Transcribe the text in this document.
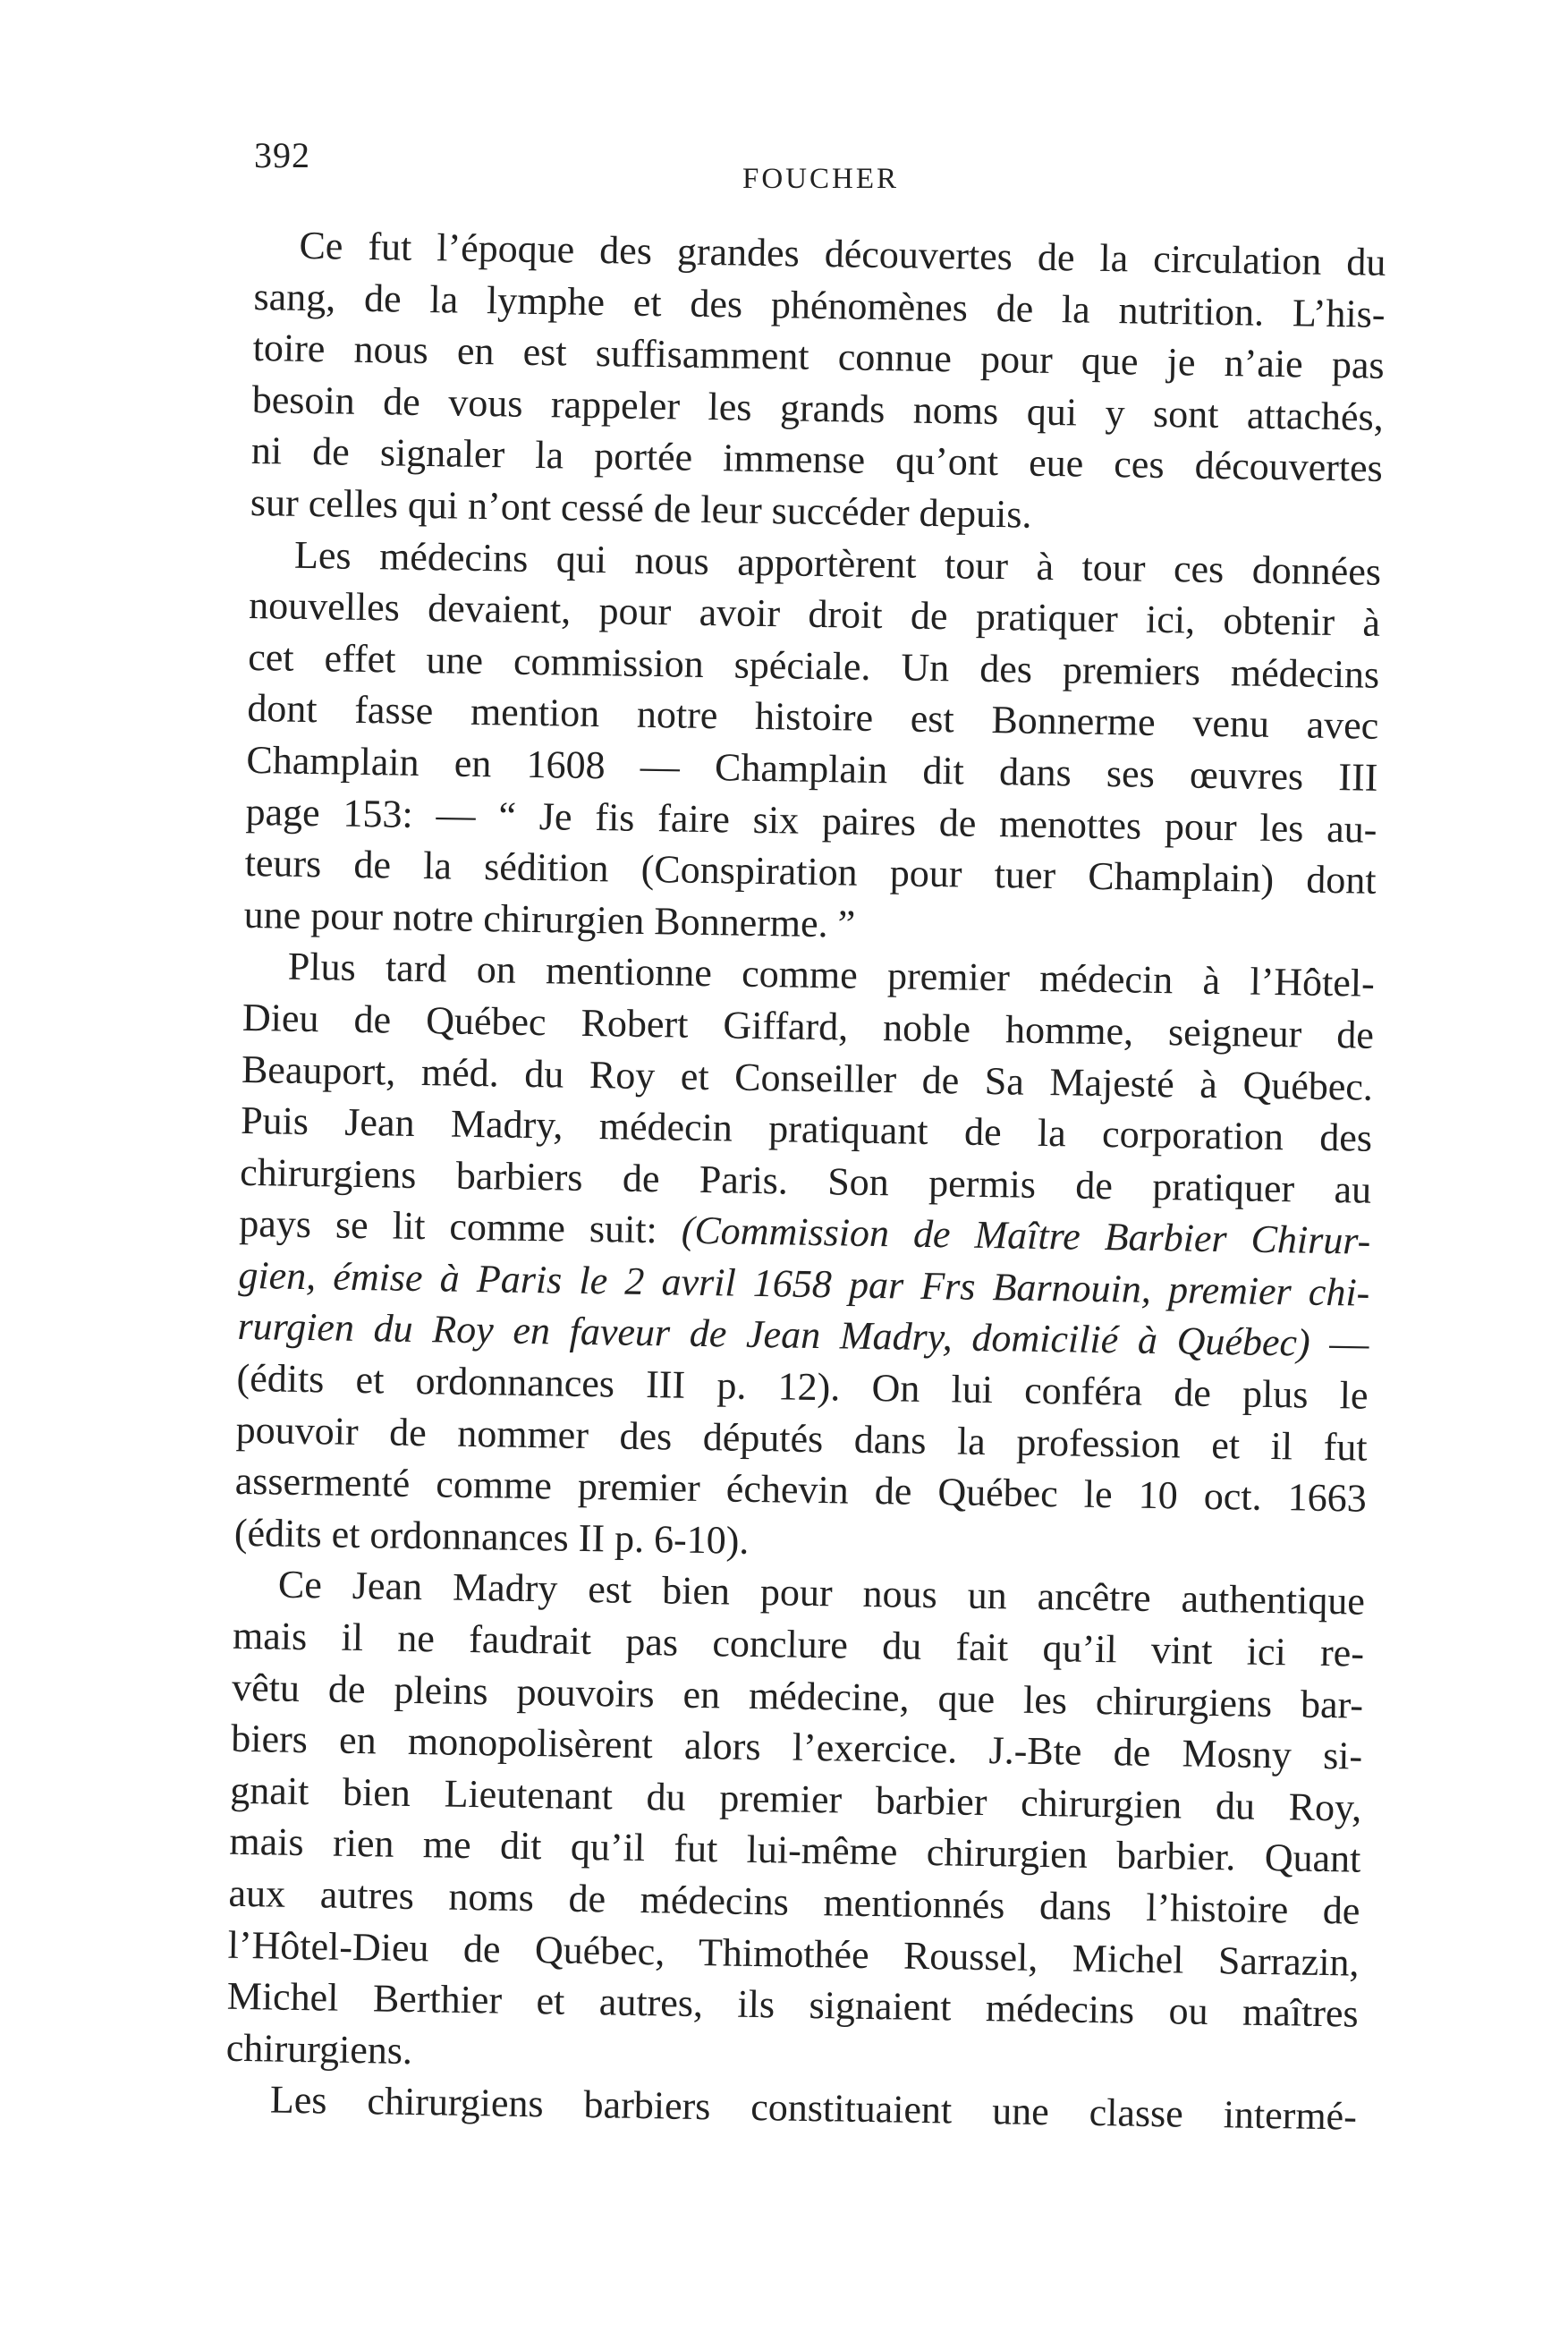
392
FOUCHER
Ce fut l’époque des grandes découvertes de la circulation du
sang, de la lymphe et des phénomènes de la nutrition. L’his-
toire nous en est suffisamment connue pour que je n’aie pas
besoin de vous rappeler les grands noms qui y sont attachés,
ni de signaler la portée immense qu’ont eue ces découvertes
sur celles qui n’ont cessé de leur succéder depuis.
Les médecins qui nous apportèrent tour à tour ces données
nouvelles devaient, pour avoir droit de pratiquer ici, obtenir à
cet effet une commission spéciale. Un des premiers médecins
dont fasse mention notre histoire est Bonnerme venu avec
Champlain en 1608 — Champlain dit dans ses œuvres III
page 153: — “ Je fis faire six paires de menottes pour les au-
teurs de la sédition (Conspiration pour tuer Champlain) dont
une pour notre chirurgien Bonnerme. ”
Plus tard on mentionne comme premier médecin à l’Hôtel-
Dieu de Québec Robert Giffard, noble homme, seigneur de
Beauport, méd. du Roy et Conseiller de Sa Majesté à Québec.
Puis Jean Madry, médecin pratiquant de la corporation des
chirurgiens barbiers de Paris. Son permis de pratiquer au
pays se lit comme suit: (Commission de Maître Barbier Chirur-
gien, émise à Paris le 2 avril 1658 par Frs Barnouin, premier chi-
rurgien du Roy en faveur de Jean Madry, domicilié à Québec) —
(édits et ordonnances III p. 12). On lui conféra de plus le
pouvoir de nommer des députés dans la profession et il fut
assermenté comme premier échevin de Québec le 10 oct. 1663
(édits et ordonnances II p. 6-10).
Ce Jean Madry est bien pour nous un ancêtre authentique
mais il ne faudrait pas conclure du fait qu’il vint ici re-
vêtu de pleins pouvoirs en médecine, que les chirurgiens bar-
biers en monopolisèrent alors l’exercice. J.-Bte de Mosny si-
gnait bien Lieutenant du premier barbier chirurgien du Roy,
mais rien me dit qu’il fut lui-même chirurgien barbier. Quant
aux autres noms de médecins mentionnés dans l’histoire de
l’Hôtel-Dieu de Québec, Thimothée Roussel, Michel Sarrazin,
Michel Berthier et autres, ils signaient médecins ou maîtres
chirurgiens.
Les chirurgiens barbiers constituaient une classe intermé-
